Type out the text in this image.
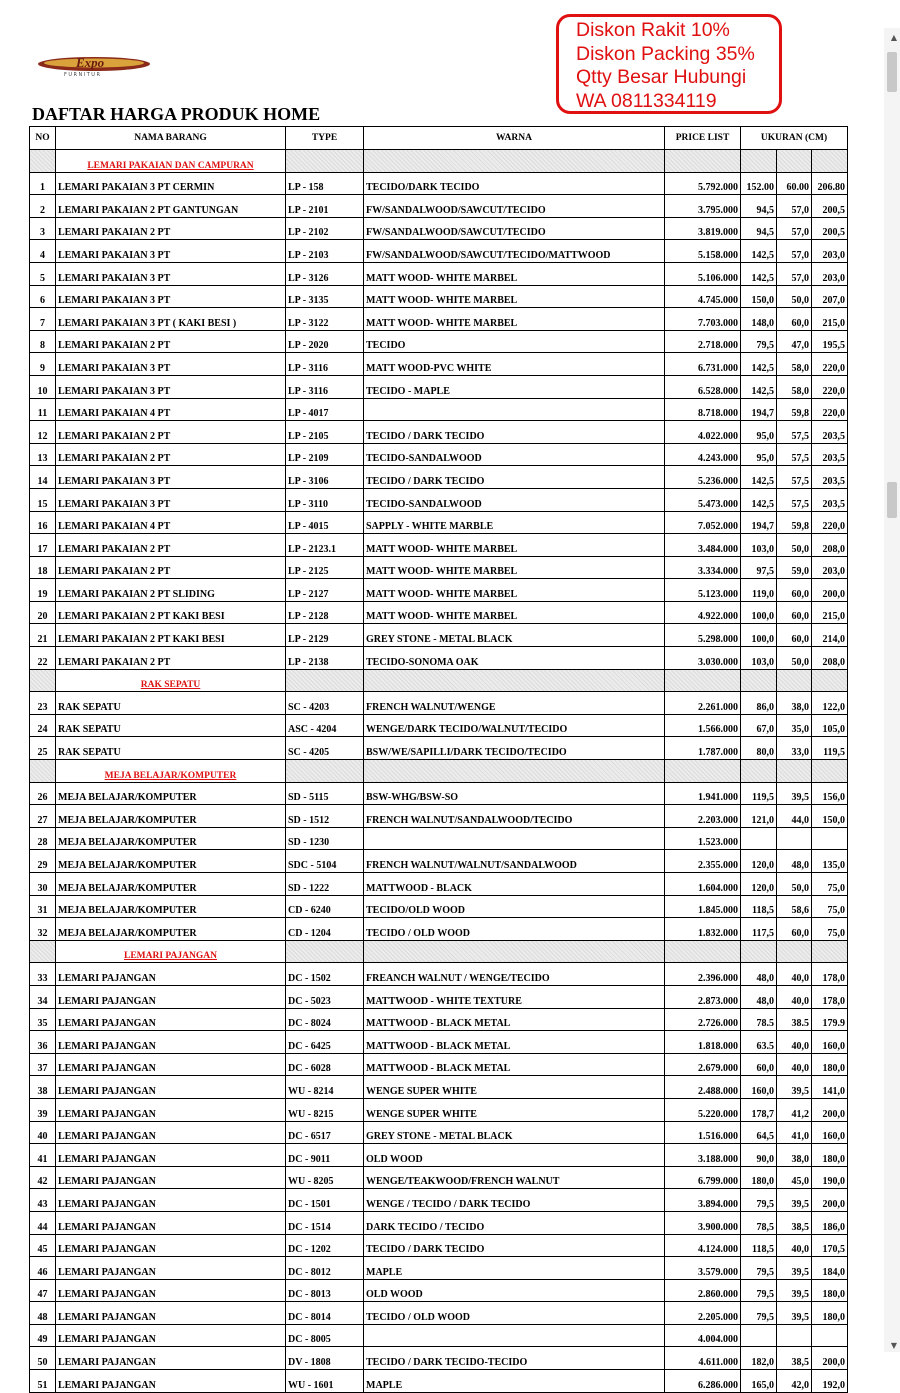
Expo
FURNITUR
Diskon Rakit 10%
Diskon Packing 35%
Qtty Besar Hubungi
WA 0811334119
DAFTAR HARGA PRODUK HOME
NO	NAMA BARANG	TYPE	WARNA	PRICE LIST	UKURAN (CM)		
	LEMARI PAKAIAN DAN CAMPURAN						
1	LEMARI PAKAIAN 3 PT CERMIN	LP - 158	TECIDO/DARK TECIDO	5.792.000	152.00	60.00	206.80
2	LEMARI PAKAIAN 2 PT GANTUNGAN	LP - 2101	FW/SANDALWOOD/SAWCUT/TECIDO	3.795.000	94,5	57,0	200,5
3	LEMARI PAKAIAN 2 PT	LP - 2102	FW/SANDALWOOD/SAWCUT/TECIDO	3.819.000	94,5	57,0	200,5
4	LEMARI PAKAIAN 3 PT	LP - 2103	FW/SANDALWOOD/SAWCUT/TECIDO/MATTWOOD	5.158.000	142,5	57,0	203,0
5	LEMARI PAKAIAN 3 PT	LP - 3126	MATT WOOD- WHITE MARBEL	5.106.000	142,5	57,0	203,0
6	LEMARI PAKAIAN 3 PT	LP - 3135	MATT WOOD- WHITE MARBEL	4.745.000	150,0	50,0	207,0
7	LEMARI PAKAIAN 3 PT ( KAKI BESI )	LP - 3122	MATT WOOD- WHITE MARBEL	7.703.000	148,0	60,0	215,0
8	LEMARI PAKAIAN 2 PT	LP - 2020	TECIDO	2.718.000	79,5	47,0	195,5
9	LEMARI PAKAIAN 3 PT	LP - 3116	MATT WOOD-PVC WHITE	6.731.000	142,5	58,0	220,0
10	LEMARI PAKAIAN 3 PT	LP - 3116	TECIDO - MAPLE	6.528.000	142,5	58,0	220,0
11	LEMARI PAKAIAN 4 PT	LP - 4017		8.718.000	194,7	59,8	220,0
12	LEMARI PAKAIAN 2 PT	LP - 2105	TECIDO / DARK TECIDO	4.022.000	95,0	57,5	203,5
13	LEMARI PAKAIAN 2 PT	LP - 2109	TECIDO-SANDALWOOD	4.243.000	95,0	57,5	203,5
14	LEMARI PAKAIAN 3 PT	LP - 3106	TECIDO / DARK TECIDO	5.236.000	142,5	57,5	203,5
15	LEMARI PAKAIAN 3 PT	LP - 3110	TECIDO-SANDALWOOD	5.473.000	142,5	57,5	203,5
16	LEMARI PAKAIAN 4 PT	LP - 4015	SAPPLY - WHITE MARBLE	7.052.000	194,7	59,8	220,0
17	LEMARI PAKAIAN 2 PT	LP - 2123.1	MATT WOOD- WHITE MARBEL	3.484.000	103,0	50,0	208,0
18	LEMARI PAKAIAN 2 PT	LP - 2125	MATT WOOD- WHITE MARBEL	3.334.000	97,5	59,0	203,0
19	LEMARI PAKAIAN 2 PT SLIDING	LP - 2127	MATT WOOD- WHITE MARBEL	5.123.000	119,0	60,0	200,0
20	LEMARI PAKAIAN 2 PT KAKI BESI	LP - 2128	MATT WOOD- WHITE MARBEL	4.922.000	100,0	60,0	215,0
21	LEMARI PAKAIAN 2 PT KAKI BESI	LP - 2129	GREY STONE - METAL BLACK	5.298.000	100,0	60,0	214,0
22	LEMARI PAKAIAN 2 PT	LP - 2138	TECIDO-SONOMA OAK	3.030.000	103,0	50,0	208,0
	RAK SEPATU						
23	RAK SEPATU	SC - 4203	FRENCH WALNUT/WENGE	2.261.000	86,0	38,0	122,0
24	RAK SEPATU	ASC - 4204	WENGE/DARK TECIDO/WALNUT/TECIDO	1.566.000	67,0	35,0	105,0
25	RAK SEPATU	SC - 4205	BSW/WE/SAPILLI/DARK TECIDO/TECIDO	1.787.000	80,0	33,0	119,5
	MEJA BELAJAR/KOMPUTER						
26	MEJA BELAJAR/KOMPUTER	SD - 5115	BSW-WHG/BSW-SO	1.941.000	119,5	39,5	156,0
27	MEJA BELAJAR/KOMPUTER	SD - 1512	FRENCH WALNUT/SANDALWOOD/TECIDO	2.203.000	121,0	44,0	150,0
28	MEJA BELAJAR/KOMPUTER	SD - 1230		1.523.000			
29	MEJA BELAJAR/KOMPUTER	SDC - 5104	FRENCH WALNUT/WALNUT/SANDALWOOD	2.355.000	120,0	48,0	135,0
30	MEJA BELAJAR/KOMPUTER	SD - 1222	MATTWOOD - BLACK	1.604.000	120,0	50,0	75,0
31	MEJA BELAJAR/KOMPUTER	CD - 6240	TECIDO/OLD WOOD	1.845.000	118,5	58,6	75,0
32	MEJA BELAJAR/KOMPUTER	CD - 1204	TECIDO / OLD WOOD	1.832.000	117,5	60,0	75,0
	LEMARI PAJANGAN						
33	LEMARI PAJANGAN	DC - 1502	FREANCH WALNUT / WENGE/TECIDO	2.396.000	48,0	40,0	178,0
34	LEMARI PAJANGAN	DC - 5023	MATTWOOD - WHITE TEXTURE	2.873.000	48,0	40,0	178,0
35	LEMARI PAJANGAN	DC - 8024	MATTWOOD - BLACK METAL	2.726.000	78.5	38.5	179.9
36	LEMARI PAJANGAN	DC - 6425	MATTWOOD - BLACK METAL	1.818.000	63.5	40,0	160,0
37	LEMARI PAJANGAN	DC - 6028	MATTWOOD - BLACK METAL	2.679.000	60,0	40,0	180,0
38	LEMARI PAJANGAN	WU - 8214	WENGE SUPER WHITE	2.488.000	160,0	39,5	141,0
39	LEMARI PAJANGAN	WU - 8215	WENGE SUPER WHITE	5.220.000	178,7	41,2	200,0
40	LEMARI PAJANGAN	DC - 6517	GREY STONE - METAL BLACK	1.516.000	64,5	41,0	160,0
41	LEMARI PAJANGAN	DC - 9011	OLD WOOD	3.188.000	90,0	38,0	180,0
42	LEMARI PAJANGAN	WU - 8205	WENGE/TEAKWOOD/FRENCH WALNUT	6.799.000	180,0	45,0	190,0
43	LEMARI PAJANGAN	DC - 1501	WENGE / TECIDO / DARK TECIDO	3.894.000	79,5	39,5	200,0
44	LEMARI PAJANGAN	DC - 1514	DARK TECIDO / TECIDO	3.900.000	78,5	38,5	186,0
45	LEMARI PAJANGAN	DC - 1202	TECIDO / DARK TECIDO	4.124.000	118,5	40,0	170,5
46	LEMARI PAJANGAN	DC - 8012	MAPLE	3.579.000	79,5	39,5	184,0
47	LEMARI PAJANGAN	DC - 8013	OLD WOOD	2.860.000	79,5	39,5	180,0
48	LEMARI PAJANGAN	DC - 8014	TECIDO / OLD WOOD	2.205.000	79,5	39,5	180,0
49	LEMARI PAJANGAN	DC - 8005		4.004.000			
50	LEMARI PAJANGAN	DV - 1808	TECIDO / DARK TECIDO-TECIDO	4.611.000	182,0	38,5	200,0
51	LEMARI PAJANGAN	WU - 1601	MAPLE	6.286.000	165,0	42,0	192,0
▲
▼
